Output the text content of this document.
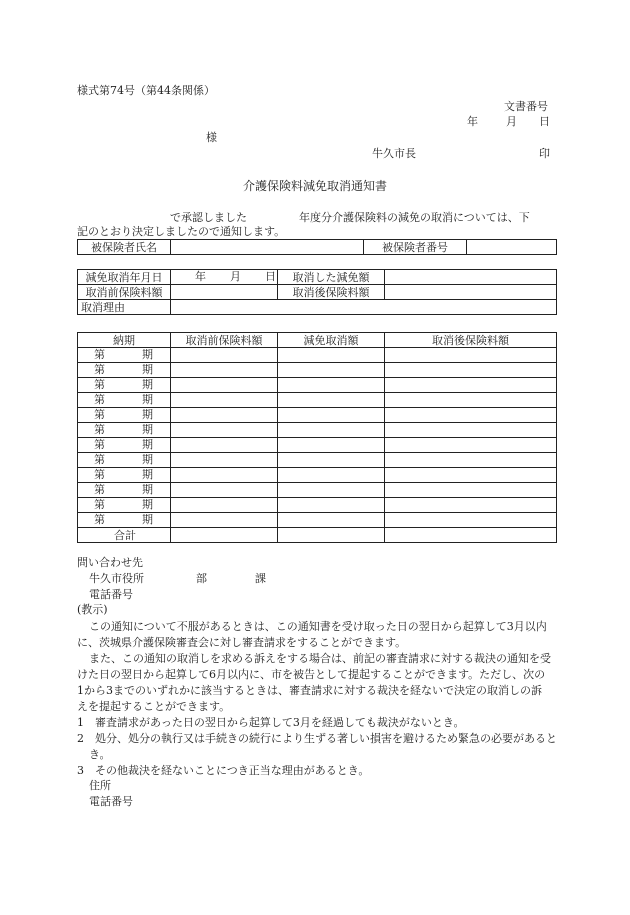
様式第74号（第44条関係）
文書番号
年	月 日
様
牛久市長	印
介護保険料減免取消通知書
で承認しました	年度分介護保険料の減免の取消については、下
記のとおり決定しましたので通知します。
被保険者氏名		被保険者番号	
減免取消年月日	年 月 日	取消した減免額	
取消前保険料額		取消後保険料額	
取消理由			
納期	取消前保険料額	減免取消額	取消後保険料額

第 期			

第 期			

第 期			

第 期			

第 期			

第 期			

第 期			

第 期			

第 期			

第 期			

第 期			

第 期			

合計			
問い合わせ先
牛久市役所	部	課
電話番号
(教示)
この通知について不服があるときは、この通知書を受け取った日の翌日から起算して3月以内に、茨城県介護保険審査会に対し審査請求をすることができます。
また、この通知の取消しを求める訴えをする場合は、前記の審査請求に対する裁決の通知を受けた日の翌日から起算して6月以内に、市を被告として提起することができます。ただし、次の1から3までのいずれかに該当するときは、審査請求に対する裁決を経ないで決定の取消しの訴えを提起することができます。
1　審査請求があった日の翌日から起算して3月を経過しても裁決がないとき。
2　処分、処分の執行又は手続きの続行により生ずる著しい損害を避けるため緊急の必要があるとき。
3　その他裁決を経ないことにつき正当な理由があるとき。
住所
電話番号
